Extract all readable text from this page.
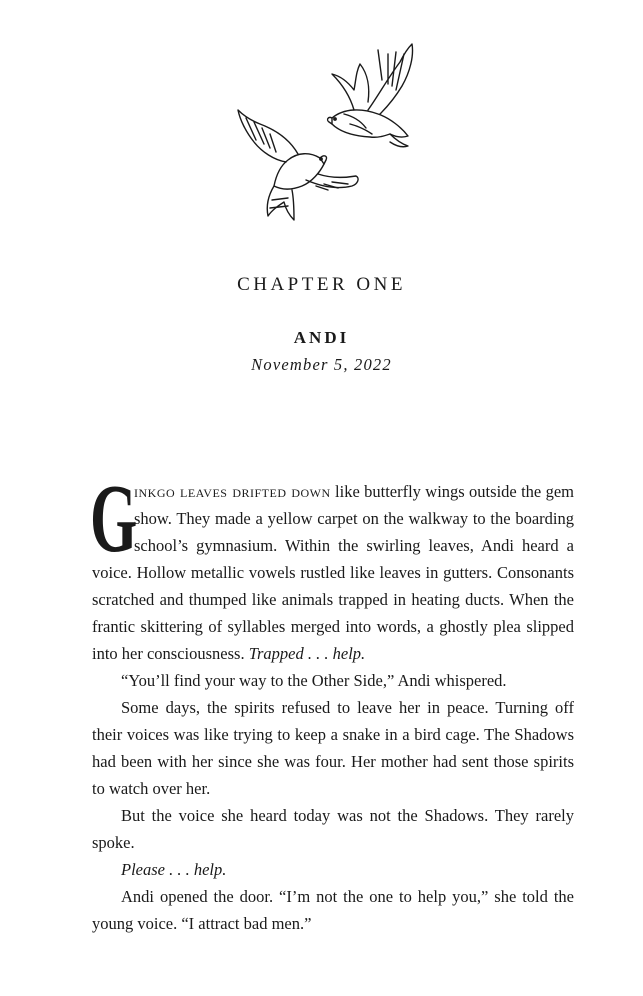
CHAPTER ONE
ANDI
November 5, 2022

G
inkgo leaves drifted down like butterfly wings outside the gem show. They made a yellow carpet on the walkway to the boarding school’s gymnasium. Within the swirling leaves, Andi heard a voice. Hollow metallic vowels rustled like leaves in gutters. Consonants scratched and thumped like animals trapped in heating ducts. When the frantic skittering of syllables merged into words, a ghostly plea slipped into her consciousness. Trapped . . . help.

“You’ll find your way to the Other Side,” Andi whispered.

Some days, the spirits refused to leave her in peace. Turning off their voices was like trying to keep a snake in a bird cage. The Shadows had been with her since she was four. Her mother had sent those spirits to watch over her.

But the voice she heard today was not the Shadows. They rarely spoke.

Please . . . help.

Andi opened the door. “I’m not the one to help you,” she told the young voice. “I attract bad men.”
